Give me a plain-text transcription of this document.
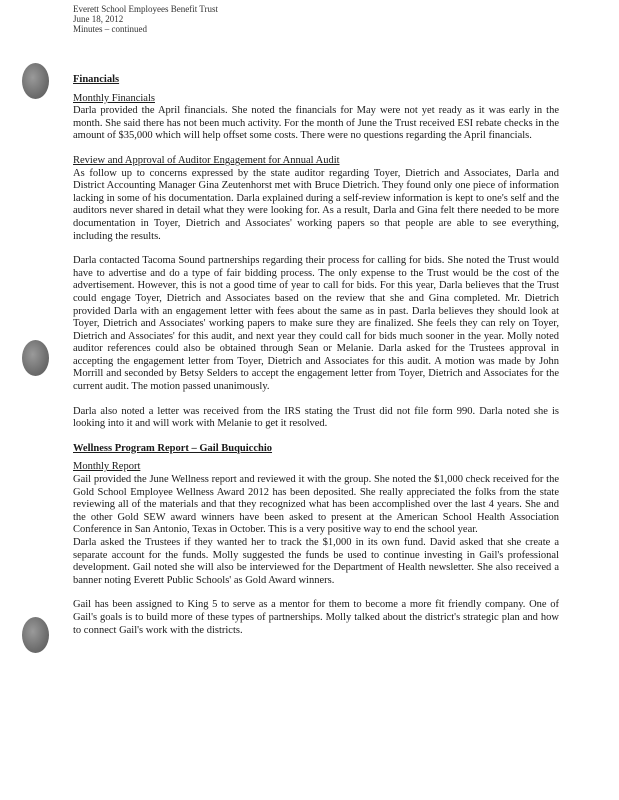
Everett School Employees Benefit Trust
June 18, 2012
Minutes – continued
Financials
Monthly Financials

Darla provided the April financials. She noted the financials for May were not yet ready as it was early in the month. She said there has not been much activity. For the month of June the Trust received ESI rebate checks in the amount of $35,000 which will help offset some costs. There were no questions regarding the April financials.

Review and Approval of Auditor Engagement for Annual Audit

As follow up to concerns expressed by the state auditor regarding Toyer, Dietrich and Associates, Darla and District Accounting Manager Gina Zeutenhorst met with Bruce Dietrich. They found only one piece of information lacking in some of his documentation. Darla explained during a self-review information is kept to one's self and the auditors never shared in detail what they were looking for. As a result, Darla and Gina felt there needed to be more documentation in Toyer, Dietrich and Associates' working papers so that people are able to see everything, including the results.

Darla contacted Tacoma Sound partnerships regarding their process for calling for bids. She noted the Trust would have to advertise and do a type of fair bidding process. The only expense to the Trust would be the cost of the advertisement. However, this is not a good time of year to call for bids. For this year, Darla believes that the Trust could engage Toyer, Dietrich and Associates based on the review that she and Gina completed. Mr. Dietrich provided Darla with an engagement letter with fees about the same as in past. Darla believes they should look at Toyer, Dietrich and Associates' working papers to make sure they are finalized. She feels they can rely on Toyer, Dietrich and Associates' for this audit, and next year they could call for bids much sooner in the year. Molly noted auditor references could also be obtained through Sean or Melanie. Darla asked for the Trustees approval in accepting the engagement letter from Toyer, Dietrich and Associates for this audit. A motion was made by John Morrill and seconded by Betsy Selders to accept the engagement letter from Toyer, Dietrich and Associates for the current audit. The motion passed unanimously.

Darla also noted a letter was received from the IRS stating the Trust did not file form 990. Darla noted she is looking into it and will work with Melanie to get it resolved.

Wellness Program Report – Gail Buquicchio
Monthly Report

Gail provided the June Wellness report and reviewed it with the group. She noted the $1,000 check received for the Gold School Employee Wellness Award 2012 has been deposited. She really appreciated the folks from the state reviewing all of the materials and that they recognized what has been accomplished over the last 4 years. She and the other Gold SEW award winners have been asked to present at the American School Health Association Conference in San Antonio, Texas in October. This is a very positive way to end the school year.

Darla asked the Trustees if they wanted her to track the $1,000 in its own fund. David asked that she create a separate account for the funds. Molly suggested the funds be used to continue investing in Gail's professional development. Gail noted she will also be interviewed for the Department of Health newsletter. She also received a banner noting Everett Public Schools' as Gold Award winners.

Gail has been assigned to King 5 to serve as a mentor for them to become a more fit friendly company. One of Gail's goals is to build more of these types of partnerships. Molly talked about the district's strategic plan and how to connect Gail's work with the districts.
